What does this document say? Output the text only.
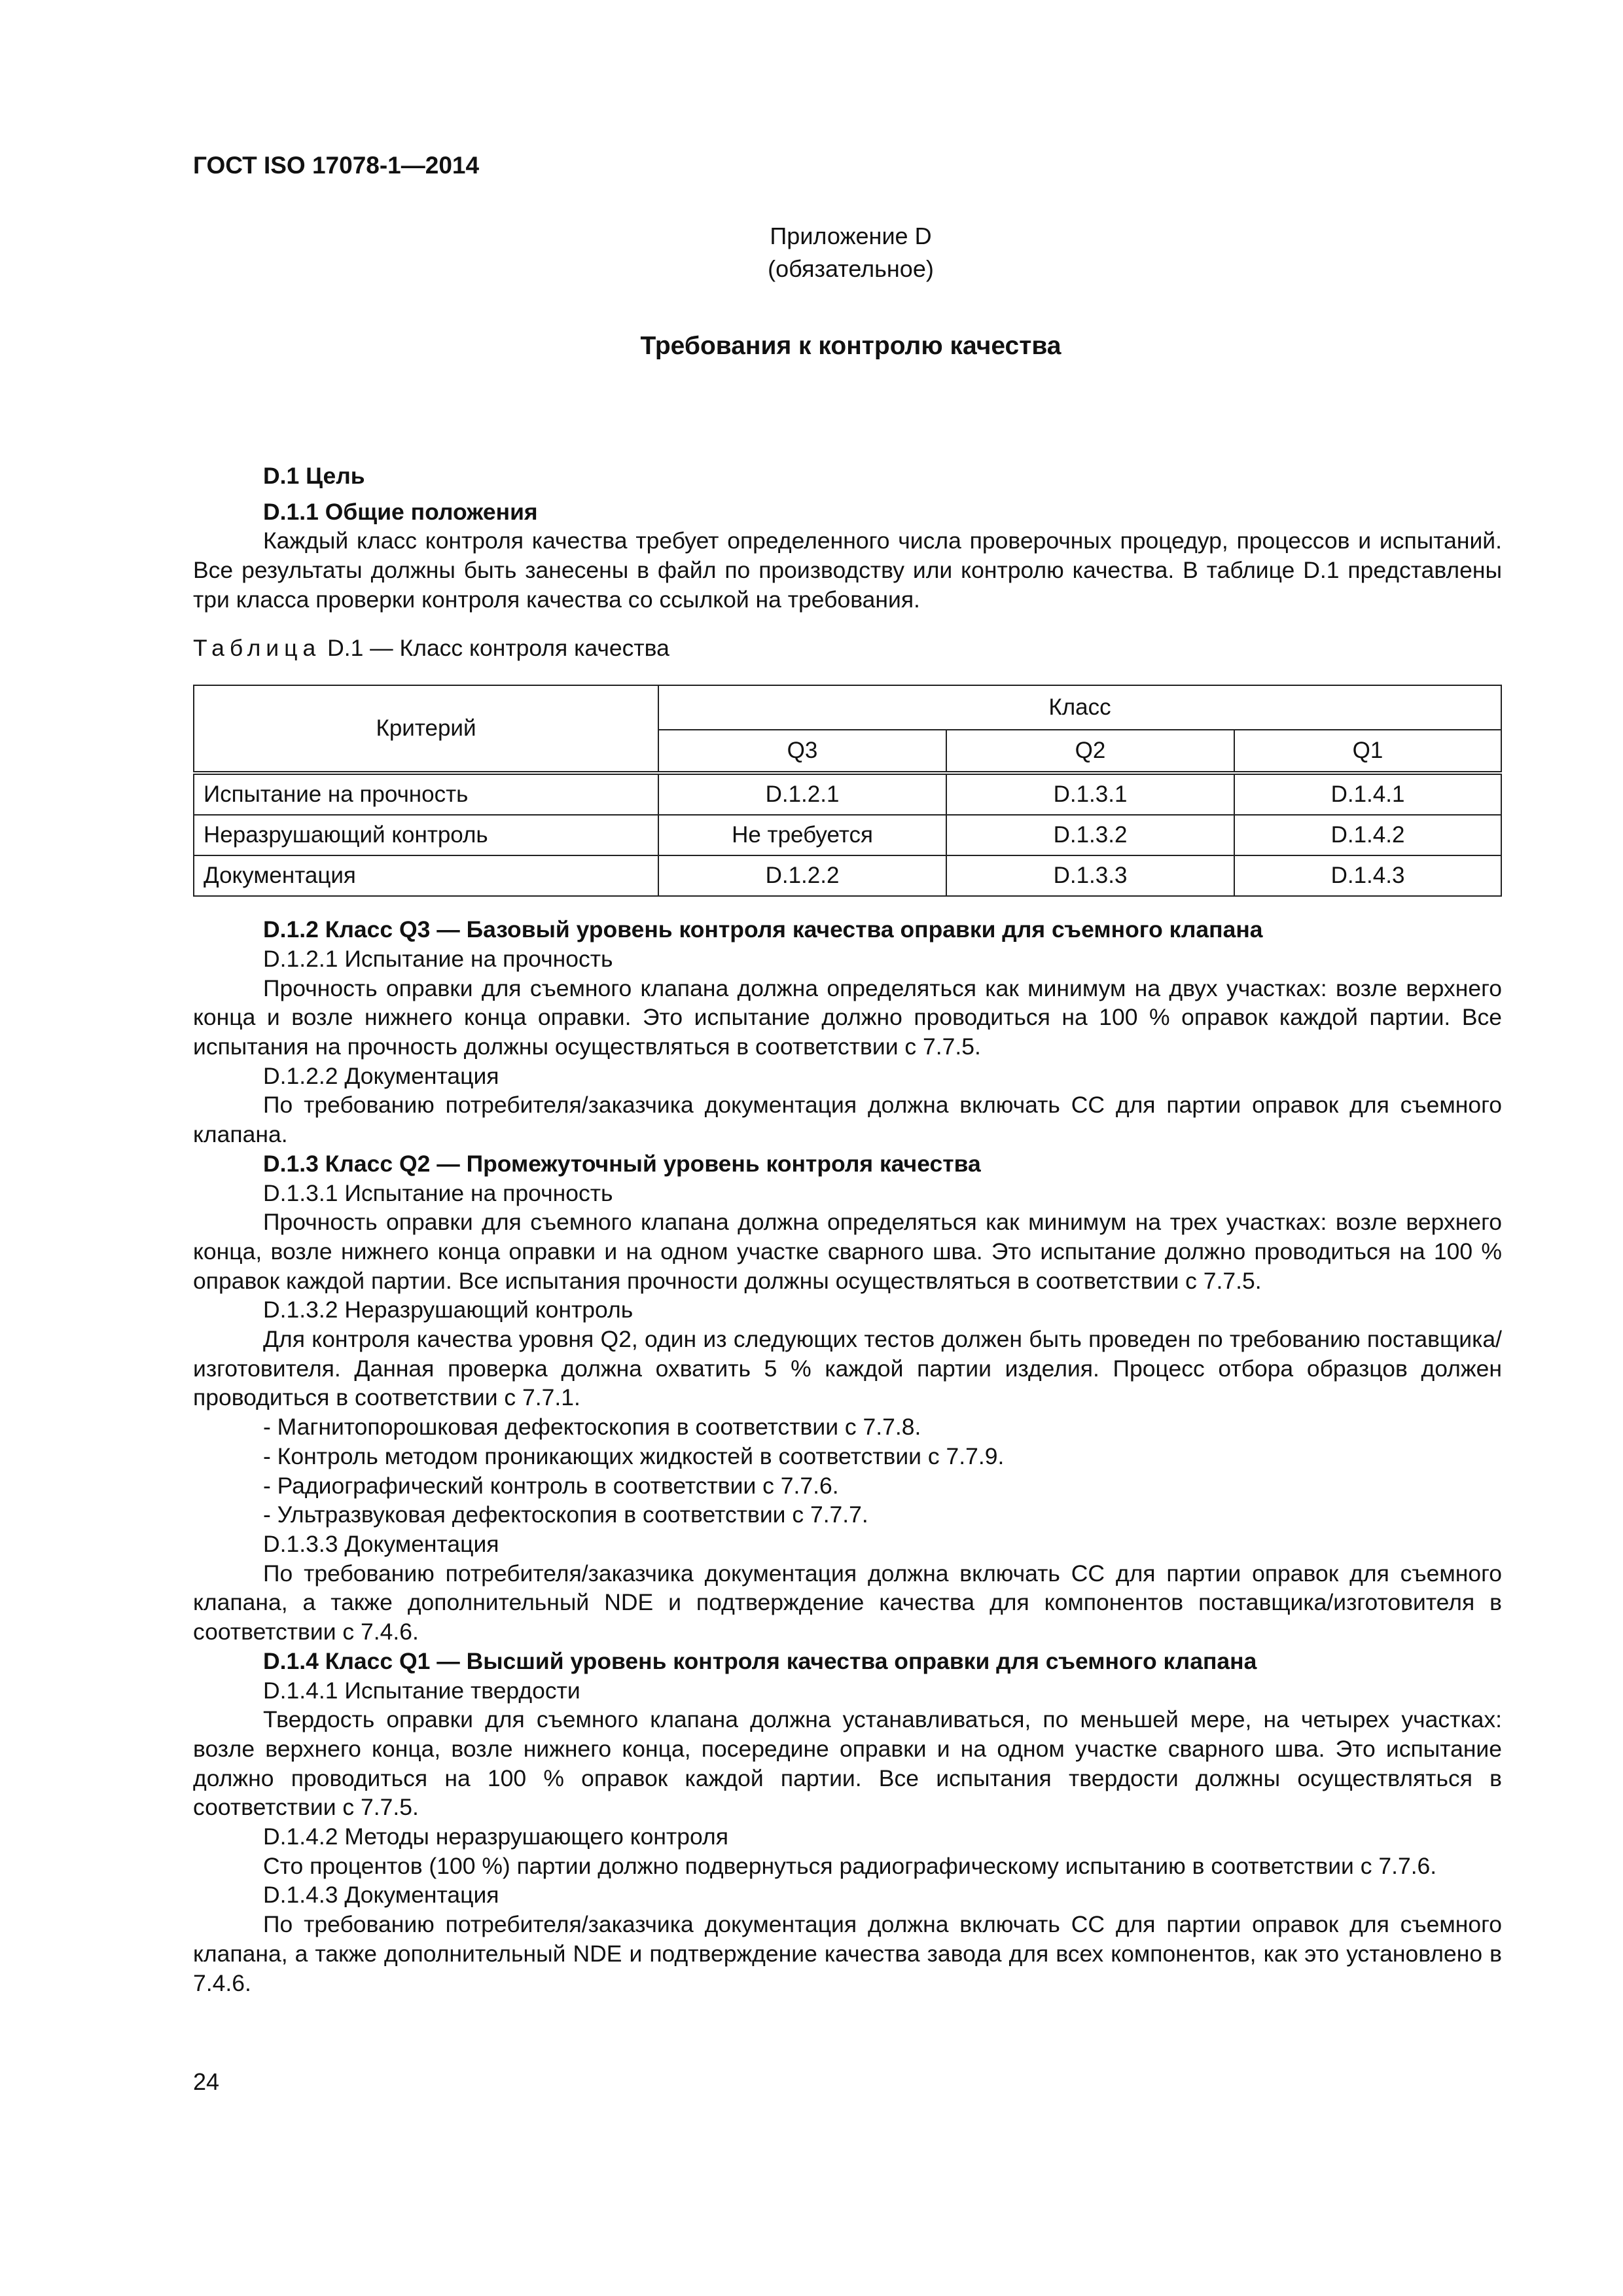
ГОСТ ISO 17078-1—2014
Приложение D
(обязательное)
Требования к контролю качества
D.1 Цель
D.1.1 Общие положения

Каждый класс контроля качества требует определенного числа проверочных процедур, процессов и испытаний. Все результаты должны быть занесены в файл по производству или контролю качества. В таблице D.1 представлены три класса проверки контроля качества со ссылкой на требования.

Таблица D.1 — Класс контроля качества
Критерий	Класс		
	Q3	Q2	Q1
Испытание на прочность	D.1.2.1	D.1.3.1	D.1.4.1
Неразрушающий контроль	Не требуется	D.1.3.2	D.1.4.2
Документация	D.1.2.2	D.1.3.3	D.1.4.3
D.1.2 Класс Q3 — Базовый уровень контроля качества оправки для съемного клапана
D.1.2.1 Испытание на прочность

Прочность оправки для съемного клапана должна определяться как минимум на двух участках: возле верхнего конца и возле нижнего конца оправки. Это испытание должно проводиться на 100 % оправок каждой партии. Все испытания на прочность должны осуществляться в соответствии с 7.7.5.

D.1.2.2 Документация

По требованию потребителя/заказчика документация должна включать СС для партии оправок для съемного клапана.

D.1.3 Класс Q2 — Промежуточный уровень контроля качества
D.1.3.1 Испытание на прочность

Прочность оправки для съемного клапана должна определяться как минимум на трех участках: возле верхнего конца, возле нижнего конца оправки и на одном участке сварного шва. Это испытание должно проводиться на 100 % оправок каждой партии. Все испытания прочности должны осуществляться в соответствии с 7.7.5.

D.1.3.2 Неразрушающий контроль

Для контроля качества уровня Q2, один из следующих тестов должен быть проведен по требованию поставщика/изготовителя. Данная проверка должна охватить 5 % каждой партии изделия. Процесс отбора образцов должен проводиться в соответствии с 7.7.1.

- Магнитопорошковая дефектоскопия в соответствии с 7.7.8.
- Контроль методом проникающих жидкостей в соответствии с 7.7.9.
- Радиографический контроль в соответствии с 7.7.6.
- Ультразвуковая дефектоскопия в соответствии с 7.7.7.
D.1.3.3 Документация

По требованию потребителя/заказчика документация должна включать СС для партии оправок для съемного клапана, а также дополнительный NDE и подтверждение качества для компонентов поставщика/изготовителя в соответствии с 7.4.6.

D.1.4 Класс Q1 — Высший уровень контроля качества оправки для съемного клапана
D.1.4.1 Испытание твердости

Твердость оправки для съемного клапана должна устанавливаться, по меньшей мере, на четырех участках: возле верхнего конца, возле нижнего конца, посередине оправки и на одном участке сварного шва. Это испытание должно проводиться на 100 % оправок каждой партии. Все испытания твердости должны осуществляться в соответствии с 7.7.5.

D.1.4.2 Методы неразрушающего контроля

Сто процентов (100 %) партии должно подвернуться радиографическому испытанию в соответствии с 7.7.6.

D.1.4.3 Документация

По требованию потребителя/заказчика документация должна включать СС для партии оправок для съемного клапана, а также дополнительный NDE и подтверждение качества завода для всех компонентов, как это установлено в 7.4.6.

24
